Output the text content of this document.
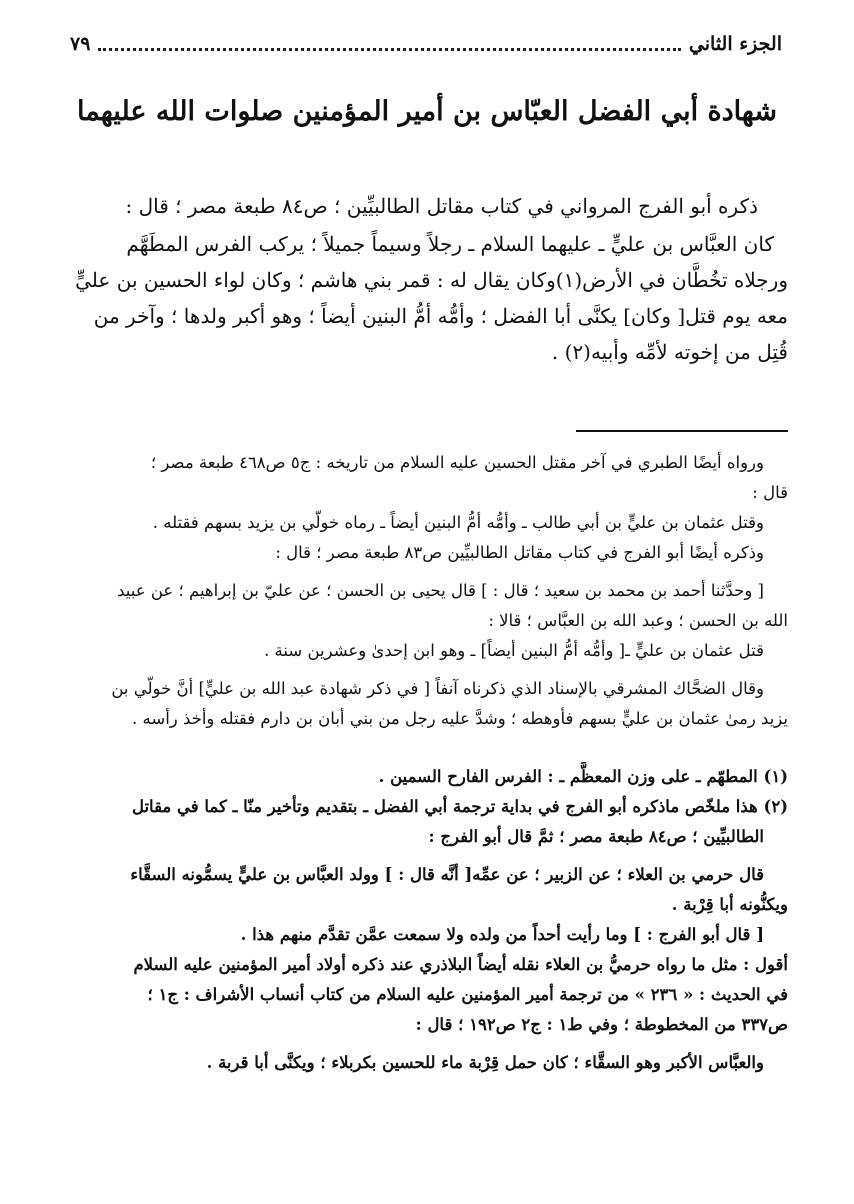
الجزء الثاني
٧٩
شهادة أبي الفضل العبّاس بن أمير المؤمنين صلوات الله عليهما
ذكره أبو الفرج المرواني في كتاب مقاتل الطالبيِّين ؛ ص٨٤ طبعة مصر ؛ قال :
كان العبَّاس بن عليٍّ ـ عليهما السلام ـ رجلاً وسيماً جميلاً ؛ يركب الفرس المطَهَّم
ورجلاه تخُطَّان في الأرض(١)وكان يقال له : قمر بني هاشم ؛ وكان لواء الحسين بن عليٍّ
معه يوم قتل[ وكان] يكنَّى أبا الفضل ؛ وأمُّه أمُّ البنين أيضاً ؛ وهو أكبر ولدها ؛ وآخر من
قُتِل من إخوته لأمِّه وأبيه(٢) .
ورواه أيضًا الطبري في آخر مقتل الحسين عليه السلام من تاريخه : ج٥ ص٤٦٨ طبعة مصر ؛
قال :
وقتل عثمان بن عليٍّ بن أبي طالب ـ وأمُّه أمُّ البنين أيضاً ـ رماه خولّي بن يزيد بسهم فقتله .
وذكره أيضًا أبو الفرج في كتاب مقاتل الطالبيِّين ص٨٣ طبعة مصر ؛ قال :
[ وحدَّثنا أحمد بن محمد بن سعيد ؛ قال : ] قال يحيى بن الحسن ؛ عن عليّ بن إبراهيم ؛ عن عبيد
الله بن الحسن ؛ وعبد الله بن العبَّاس ؛ قالا :
قتل عثمان بن عليٍّ ـ[ وأمُّه أمُّ البنين أيضاً] ـ وهو ابن إحدىٰ وعشرين سنة .
وقال الضحَّاك المشرقي بالإسناد الذي ذكرناه آنفاً [ في ذكر شهادة عبد الله بن عليٍّ] أنَّ خولّي بن
يزيد رمىٰ عثمان بن عليٍّ بسهم فأوهطه ؛ وشدَّ عليه رجل من بني أبان بن دارم فقتله وأخذ رأسه .
(١) المطهّم ـ على وزن المعظَّم ـ : الفرس الفارح السمين .
(٢) هذا ملخّص ماذكره أبو الفرج في بداية ترجمة أبي الفضل ـ بتقديم وتأخير منّا ـ كما في مقاتل
الطالبيِّين ؛ ص٨٤ طبعة مصر ؛ ثمَّ قال أبو الفرج :
قال حرمي بن العلاء ؛ عن الزبير ؛ عن عمِّه[ أنَّه قال : ] وولد العبَّاس بن عليٍّ يسمُّونه السقَّاء
ويكنُّونه أبا قِرْبة .
[ قال أبو الفرج : ] وما رأيت أحداً من ولده ولا سمعت عمَّن تقدَّم منهم هذا .
أقول : مثل ما رواه حرميُّ بن العلاء نقله أيضاً البلاذري عند ذكره أولاد أمير المؤمنين عليه السلام
في الحديث : « ٢٣٦ » من ترجمة أمير المؤمنين عليه السلام من كتاب أنساب الأشراف : ج١ ؛
ص٣٣٧ من المخطوطة ؛ وفي ط١ : ج٢ ص١٩٢ ؛ قال :
والعبَّاس الأكبر وهو السقَّاء ؛ كان حمل قِرْبة ماء للحسين بكربلاء ؛ ويكنَّى أبا قربة .
